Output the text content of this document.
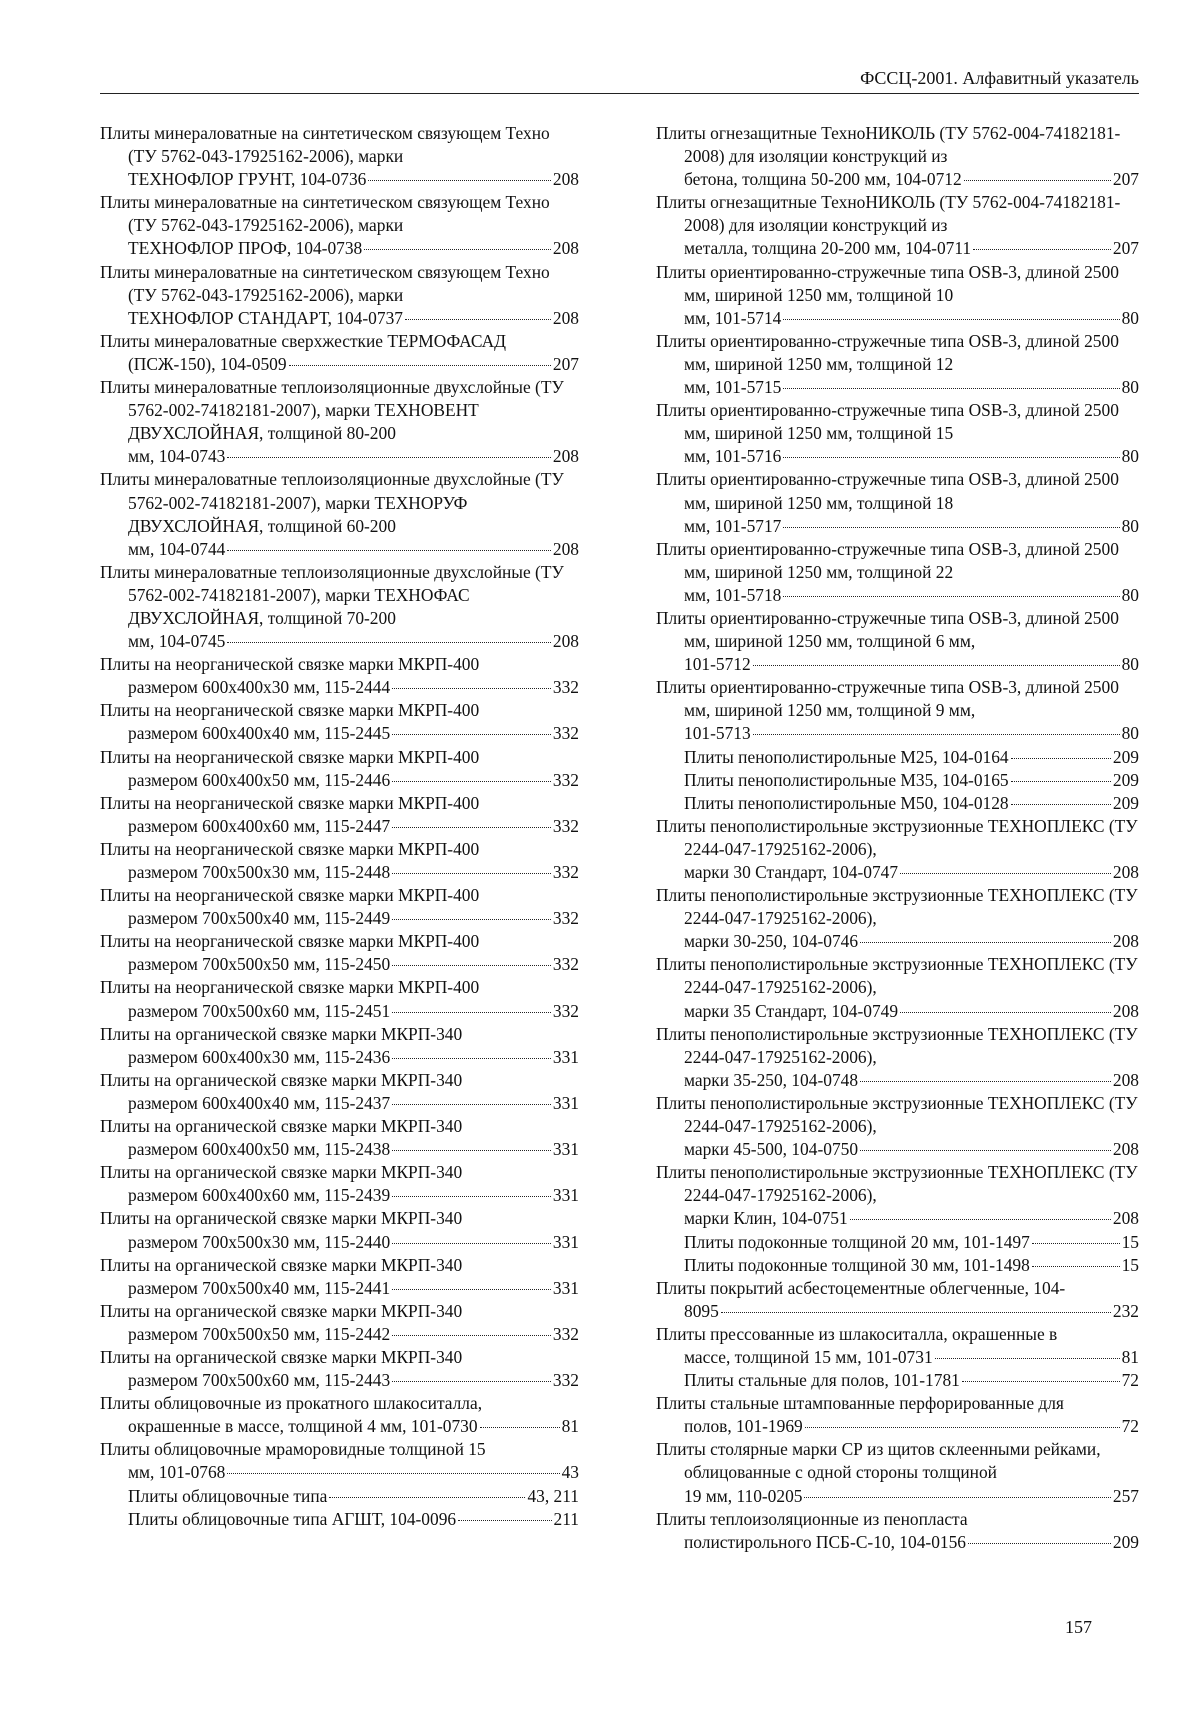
ФССЦ-2001. Алфавитный указатель
Плиты минераловатные на синтетическом связующем Техно (ТУ 5762-043-17925162-2006), марки
ТЕХНОФЛОР ГРУНТ, 104-0736	208
Плиты минераловатные на синтетическом связующем Техно (ТУ 5762-043-17925162-2006), марки
ТЕХНОФЛОР ПРОФ, 104-0738	208
Плиты минераловатные на синтетическом связующем Техно (ТУ 5762-043-17925162-2006), марки
ТЕХНОФЛОР СТАНДАРТ, 104-0737	208
Плиты минераловатные сверхжесткие ТЕРМОФАСАД
(ПСЖ-150), 104-0509	207
Плиты минераловатные теплоизоляционные двухслойные (ТУ 5762-002-74182181-2007), марки ТЕХНОВЕНТ ДВУХСЛОЙНАЯ, толщиной 80-200
мм, 104-0743	208
Плиты минераловатные теплоизоляционные двухслойные (ТУ 5762-002-74182181-2007), марки ТЕХНОРУФ ДВУХСЛОЙНАЯ, толщиной 60-200
мм, 104-0744	208
Плиты минераловатные теплоизоляционные двухслойные (ТУ 5762-002-74182181-2007), марки ТЕХНОФАС ДВУХСЛОЙНАЯ, толщиной 70-200
мм, 104-0745	208
Плиты на неорганической связке марки МКРП-400
размером 600х400х30 мм, 115-2444	332
Плиты на неорганической связке марки МКРП-400
размером 600х400х40 мм, 115-2445	332
Плиты на неорганической связке марки МКРП-400
размером 600х400х50 мм, 115-2446	332
Плиты на неорганической связке марки МКРП-400
размером 600х400х60 мм, 115-2447	332
Плиты на неорганической связке марки МКРП-400
размером 700х500х30 мм, 115-2448	332
Плиты на неорганической связке марки МКРП-400
размером 700х500х40 мм, 115-2449	332
Плиты на неорганической связке марки МКРП-400
размером 700х500х50 мм, 115-2450	332
Плиты на неорганической связке марки МКРП-400
размером 700х500х60 мм, 115-2451	332
Плиты на органической связке марки МКРП-340
размером 600х400х30 мм, 115-2436	331
Плиты на органической связке марки МКРП-340
размером 600х400х40 мм, 115-2437	331
Плиты на органической связке марки МКРП-340
размером 600х400х50 мм, 115-2438	331
Плиты на органической связке марки МКРП-340
размером 600х400х60 мм, 115-2439	331
Плиты на органической связке марки МКРП-340
размером 700х500х30 мм, 115-2440	331
Плиты на органической связке марки МКРП-340
размером 700х500х40 мм, 115-2441	331
Плиты на органической связке марки МКРП-340
размером 700х500х50 мм, 115-2442	332
Плиты на органической связке марки МКРП-340
размером 700х500х60 мм, 115-2443	332
Плиты облицовочные из прокатного шлакоситалла,
окрашенные в массе, толщиной 4 мм, 101-0730	81
Плиты облицовочные мраморовидные толщиной 15
мм, 101-0768	43
Плиты облицовочные типа	43, 211
Плиты облицовочные типа АГШТ, 104-0096	211
Плиты огнезащитные ТехноНИКОЛЬ (ТУ 5762-004-74182181-2008) для изоляции конструкций из
бетона, толщина 50-200 мм, 104-0712	207
Плиты огнезащитные ТехноНИКОЛЬ (ТУ 5762-004-74182181-2008) для изоляции конструкций из
металла, толщина 20-200 мм, 104-0711	207
Плиты ориентированно-стружечные типа OSB-3, длиной 2500 мм, шириной 1250 мм, толщиной 10
мм, 101-5714	80
Плиты ориентированно-стружечные типа OSB-3, длиной 2500 мм, шириной 1250 мм, толщиной 12
мм, 101-5715	80
Плиты ориентированно-стружечные типа OSB-3, длиной 2500 мм, шириной 1250 мм, толщиной 15
мм, 101-5716	80
Плиты ориентированно-стружечные типа OSB-3, длиной 2500 мм, шириной 1250 мм, толщиной 18
мм, 101-5717	80
Плиты ориентированно-стружечные типа OSB-3, длиной 2500 мм, шириной 1250 мм, толщиной 22
мм, 101-5718	80
Плиты ориентированно-стружечные типа OSB-3, длиной 2500 мм, шириной 1250 мм, толщиной 6 мм,
101-5712	80
Плиты ориентированно-стружечные типа OSB-3, длиной 2500 мм, шириной 1250 мм, толщиной 9 мм,
101-5713	80
Плиты пенополистирольные М25, 104-0164	209
Плиты пенополистирольные М35, 104-0165	209
Плиты пенополистирольные М50, 104-0128	209
Плиты пенополистирольные экструзионные ТЕХНОПЛЕКС (ТУ 2244-047-17925162-2006),
марки 30 Стандарт, 104-0747	208
Плиты пенополистирольные экструзионные ТЕХНОПЛЕКС (ТУ 2244-047-17925162-2006),
марки 30-250, 104-0746	208
Плиты пенополистирольные экструзионные ТЕХНОПЛЕКС (ТУ 2244-047-17925162-2006),
марки 35 Стандарт, 104-0749	208
Плиты пенополистирольные экструзионные ТЕХНОПЛЕКС (ТУ 2244-047-17925162-2006),
марки 35-250, 104-0748	208
Плиты пенополистирольные экструзионные ТЕХНОПЛЕКС (ТУ 2244-047-17925162-2006),
марки 45-500, 104-0750	208
Плиты пенополистирольные экструзионные ТЕХНОПЛЕКС (ТУ 2244-047-17925162-2006),
марки Клин, 104-0751	208
Плиты подоконные толщиной 20 мм, 101-1497	15
Плиты подоконные толщиной 30 мм, 101-1498	15
Плиты покрытий асбестоцементные облегченные, 104-
8095	232
Плиты прессованные из шлакоситалла, окрашенные в
массе, толщиной 15 мм, 101-0731	81
Плиты стальные для полов, 101-1781	72
Плиты стальные штампованные перфорированные для
полов, 101-1969	72
Плиты столярные марки СР из щитов склеенными рейками, облицованные с одной стороны толщиной
19 мм, 110-0205	257
Плиты теплоизоляционные из пенопласта
полистирольного ПСБ-С-10, 104-0156	209
157
